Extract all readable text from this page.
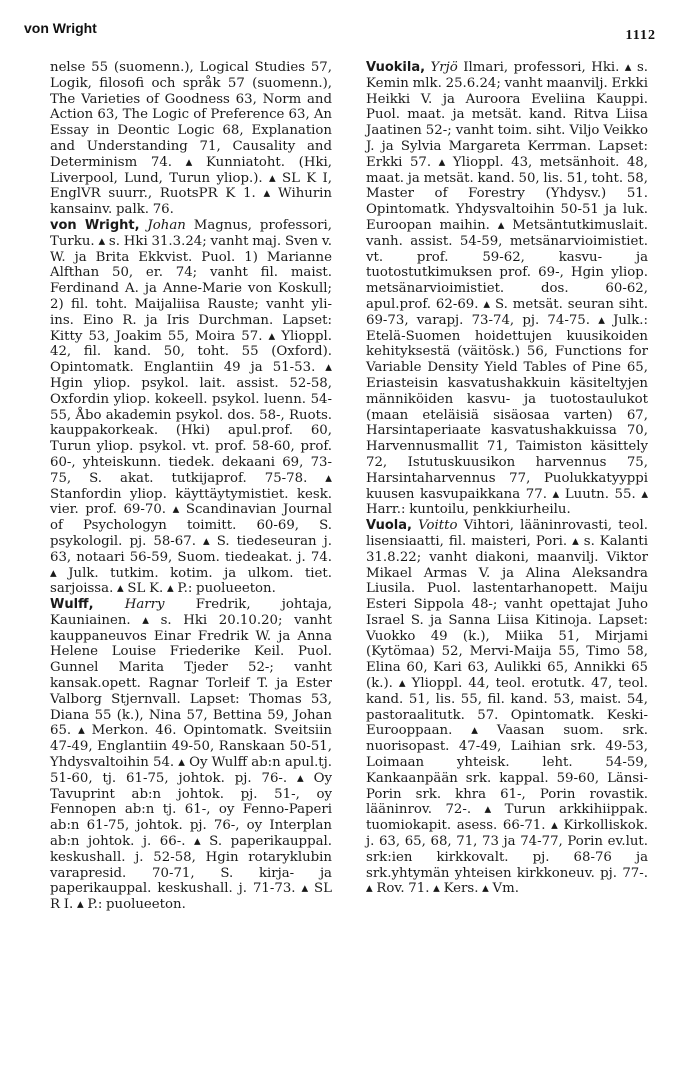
von Wright	1112

nelse 55 (suomenn.), Logical Studies 57, Logik, filosofi och språk 57 (suomenn.), The Varieties of Goodness 63, Norm and Action 63, The Logic of Preference 63, An Essay in Deontic Logic 68, Explanation and Understanding 71, Causality and Determinism 74. ▴ Kunniatoht. (Hki, Liverpool, Lund, Turun yliop.). ▴ SL K I, EnglVR suurr., RuotsPR K 1. ▴ Wihurin kansainv. palk. 76.

von Wright, Johan Magnus, professori, Turku. ▴ s. Hki 31.3.24; vanht maj. Sven v. W. ja Brita Ekkvist. Puol. 1) Marianne Alfthan 50, er. 74; vanht fil. maist. Ferdinand A. ja Anne-Marie von Koskull; 2) fil. toht. Maijaliisa Rauste; vanht yli-ins. Eino R. ja Iris Durchman. Lapset: Kitty 53, Joakim 55, Moira 57. ▴ Ylioppl. 42, fil. kand. 50, toht. 55 (Oxford). Opintomatk. Englantiin 49 ja 51-53. ▴ Hgin yliop. psykol. lait. assist. 52-58, Oxfordin yliop. kokeell. psykol. luenn. 54-55, Åbo akademin psykol. dos. 58-, Ruots. kauppakorkeak. (Hki) apul.prof. 60, Turun yliop. psykol. vt. prof. 58-60, prof. 60-, yhteiskunn. tiedek. dekaani 69, 73-75, S. akat. tutkijaprof. 75-78. ▴ Stanfordin yliop. käyttäytymistiet. kesk. vier. prof. 69-70. ▴ Scandinavian Journal of Psychologyn toimitt. 60-69, S. psykologil. pj. 58-67. ▴ S. tiedeseuran j. 63, notaari 56-59, Suom. tiedeakat. j. 74. ▴ Julk. tutkim. kotim. ja ulkom. tiet. sarjoissa. ▴ SL K. ▴ P.: puolueeton.

Wulff, Harry Fredrik, johtaja, Kauniainen. ▴ s. Hki 20.10.20; vanht kauppaneuvos Einar Fredrik W. ja Anna Helene Louise Friederike Keil. Puol. Gunnel Marita Tjeder 52-; vanht kansak.opett. Ragnar Torleif T. ja Ester Valborg Stjernvall. Lapset: Thomas 53, Diana 55 (k.), Nina 57, Bettina 59, Johan 65. ▴ Merkon. 46. Opintomatk. Sveitsiin 47-49, Englantiin 49-50, Ranskaan 50-51, Yhdysvaltoihin 54. ▴ Oy Wulff ab:n apul.tj. 51-60, tj. 61-75, johtok. pj. 76-. ▴ Oy Tavuprint ab:n johtok. pj. 51-, oy Fennopen ab:n tj. 61-, oy Fenno-Paperi ab:n 61-75, johtok. pj. 76-, oy Interplan ab:n johtok. j. 66-. ▴ S. paperikauppal. keskushall. j. 52-58, Hgin rotaryklubin varapresid. 70-71, S. kirja- ja paperikauppal. keskushall. j. 71-73. ▴ SL R I. ▴ P.: puolueeton.

Vuokila, Yrjö Ilmari, professori, Hki. ▴ s. Kemin mlk. 25.6.24; vanht maanvilj. Erkki Heikki V. ja Auroora Eveliina Kauppi. Puol. maat. ja metsät. kand. Ritva Liisa Jaatinen 52-; vanht toim. siht. Viljo Veikko J. ja Sylvia Margareta Kerrman. Lapset: Erkki 57. ▴ Ylioppl. 43, metsänhoit. 48, maat. ja metsät. kand. 50, lis. 51, toht. 58, Master of Forestry (Yhdysv.) 51. Opintomatk. Yhdysvaltoihin 50-51 ja luk. Euroopan maihin. ▴ Metsäntutkimuslait. vanh. assist. 54-59, metsänarvioimistiet. vt. prof. 59-62, kasvu- ja tuotostutkimuksen prof. 69-, Hgin yliop. metsänarvioimistiet. dos. 60-62, apul.prof. 62-69. ▴ S. metsät. seuran siht. 69-73, varapj. 73-74, pj. 74-75. ▴ Julk.: Etelä-Suomen hoidettujen kuusikoiden kehityksestä (väitösk.) 56, Functions for Variable Density Yield Tables of Pine 65, Eriasteisin kasvatushakkuin käsiteltyjen männiköiden kasvu- ja tuotostaulukot (maan eteläisiä sisäosaa varten) 67, Harsintaperiaate kasvatushakkuissa 70, Harvennusmallit 71, Taimiston käsittely 72, Istutuskuusikon harvennus 75, Harsintaharvennus 77, Puolukkatyyppi kuusen kasvupaikkana 77. ▴ Luutn. 55. ▴ Harr.: kuntoilu, penkkiurheilu.

Vuola, Voitto Vihtori, lääninrovasti, teol. lisensiaatti, fil. maisteri, Pori. ▴ s. Kalanti 31.8.22; vanht diakoni, maanvilj. Viktor Mikael Armas V. ja Alina Aleksandra Liusila. Puol. lastentarhanopett. Maiju Esteri Sippola 48-; vanht opettajat Juho Israel S. ja Sanna Liisa Kitinoja. Lapset: Vuokko 49 (k.), Miika 51, Mirjami (Kytömaa) 52, Mervi-Maija 55, Timo 58, Elina 60, Kari 63, Aulikki 65, Annikki 65 (k.). ▴ Ylioppl. 44, teol. erotutk. 47, teol. kand. 51, lis. 55, fil. kand. 53, maist. 54, pastoraalitutk. 57. Opintomatk. Keski-Eurooppaan. ▴ Vaasan suom. srk. nuorisopast. 47-49, Laihian srk. 49-53, Loimaan yhteisk. leht. 54-59, Kankaanpään srk. kappal. 59-60, Länsi-Porin srk. khra 61-, Porin rovastik. lääninrov. 72-. ▴ Turun arkkihiippak. tuomiokapit. asess. 66-71. ▴ Kirkolliskok. j. 63, 65, 68, 71, 73 ja 74-77, Porin ev.lut. srk:ien kirkkovalt. pj. 68-76 ja srk.yhtymän yhteisen kirkkoneuv. pj. 77-. ▴ Rov. 71. ▴ Kers. ▴ Vm.
